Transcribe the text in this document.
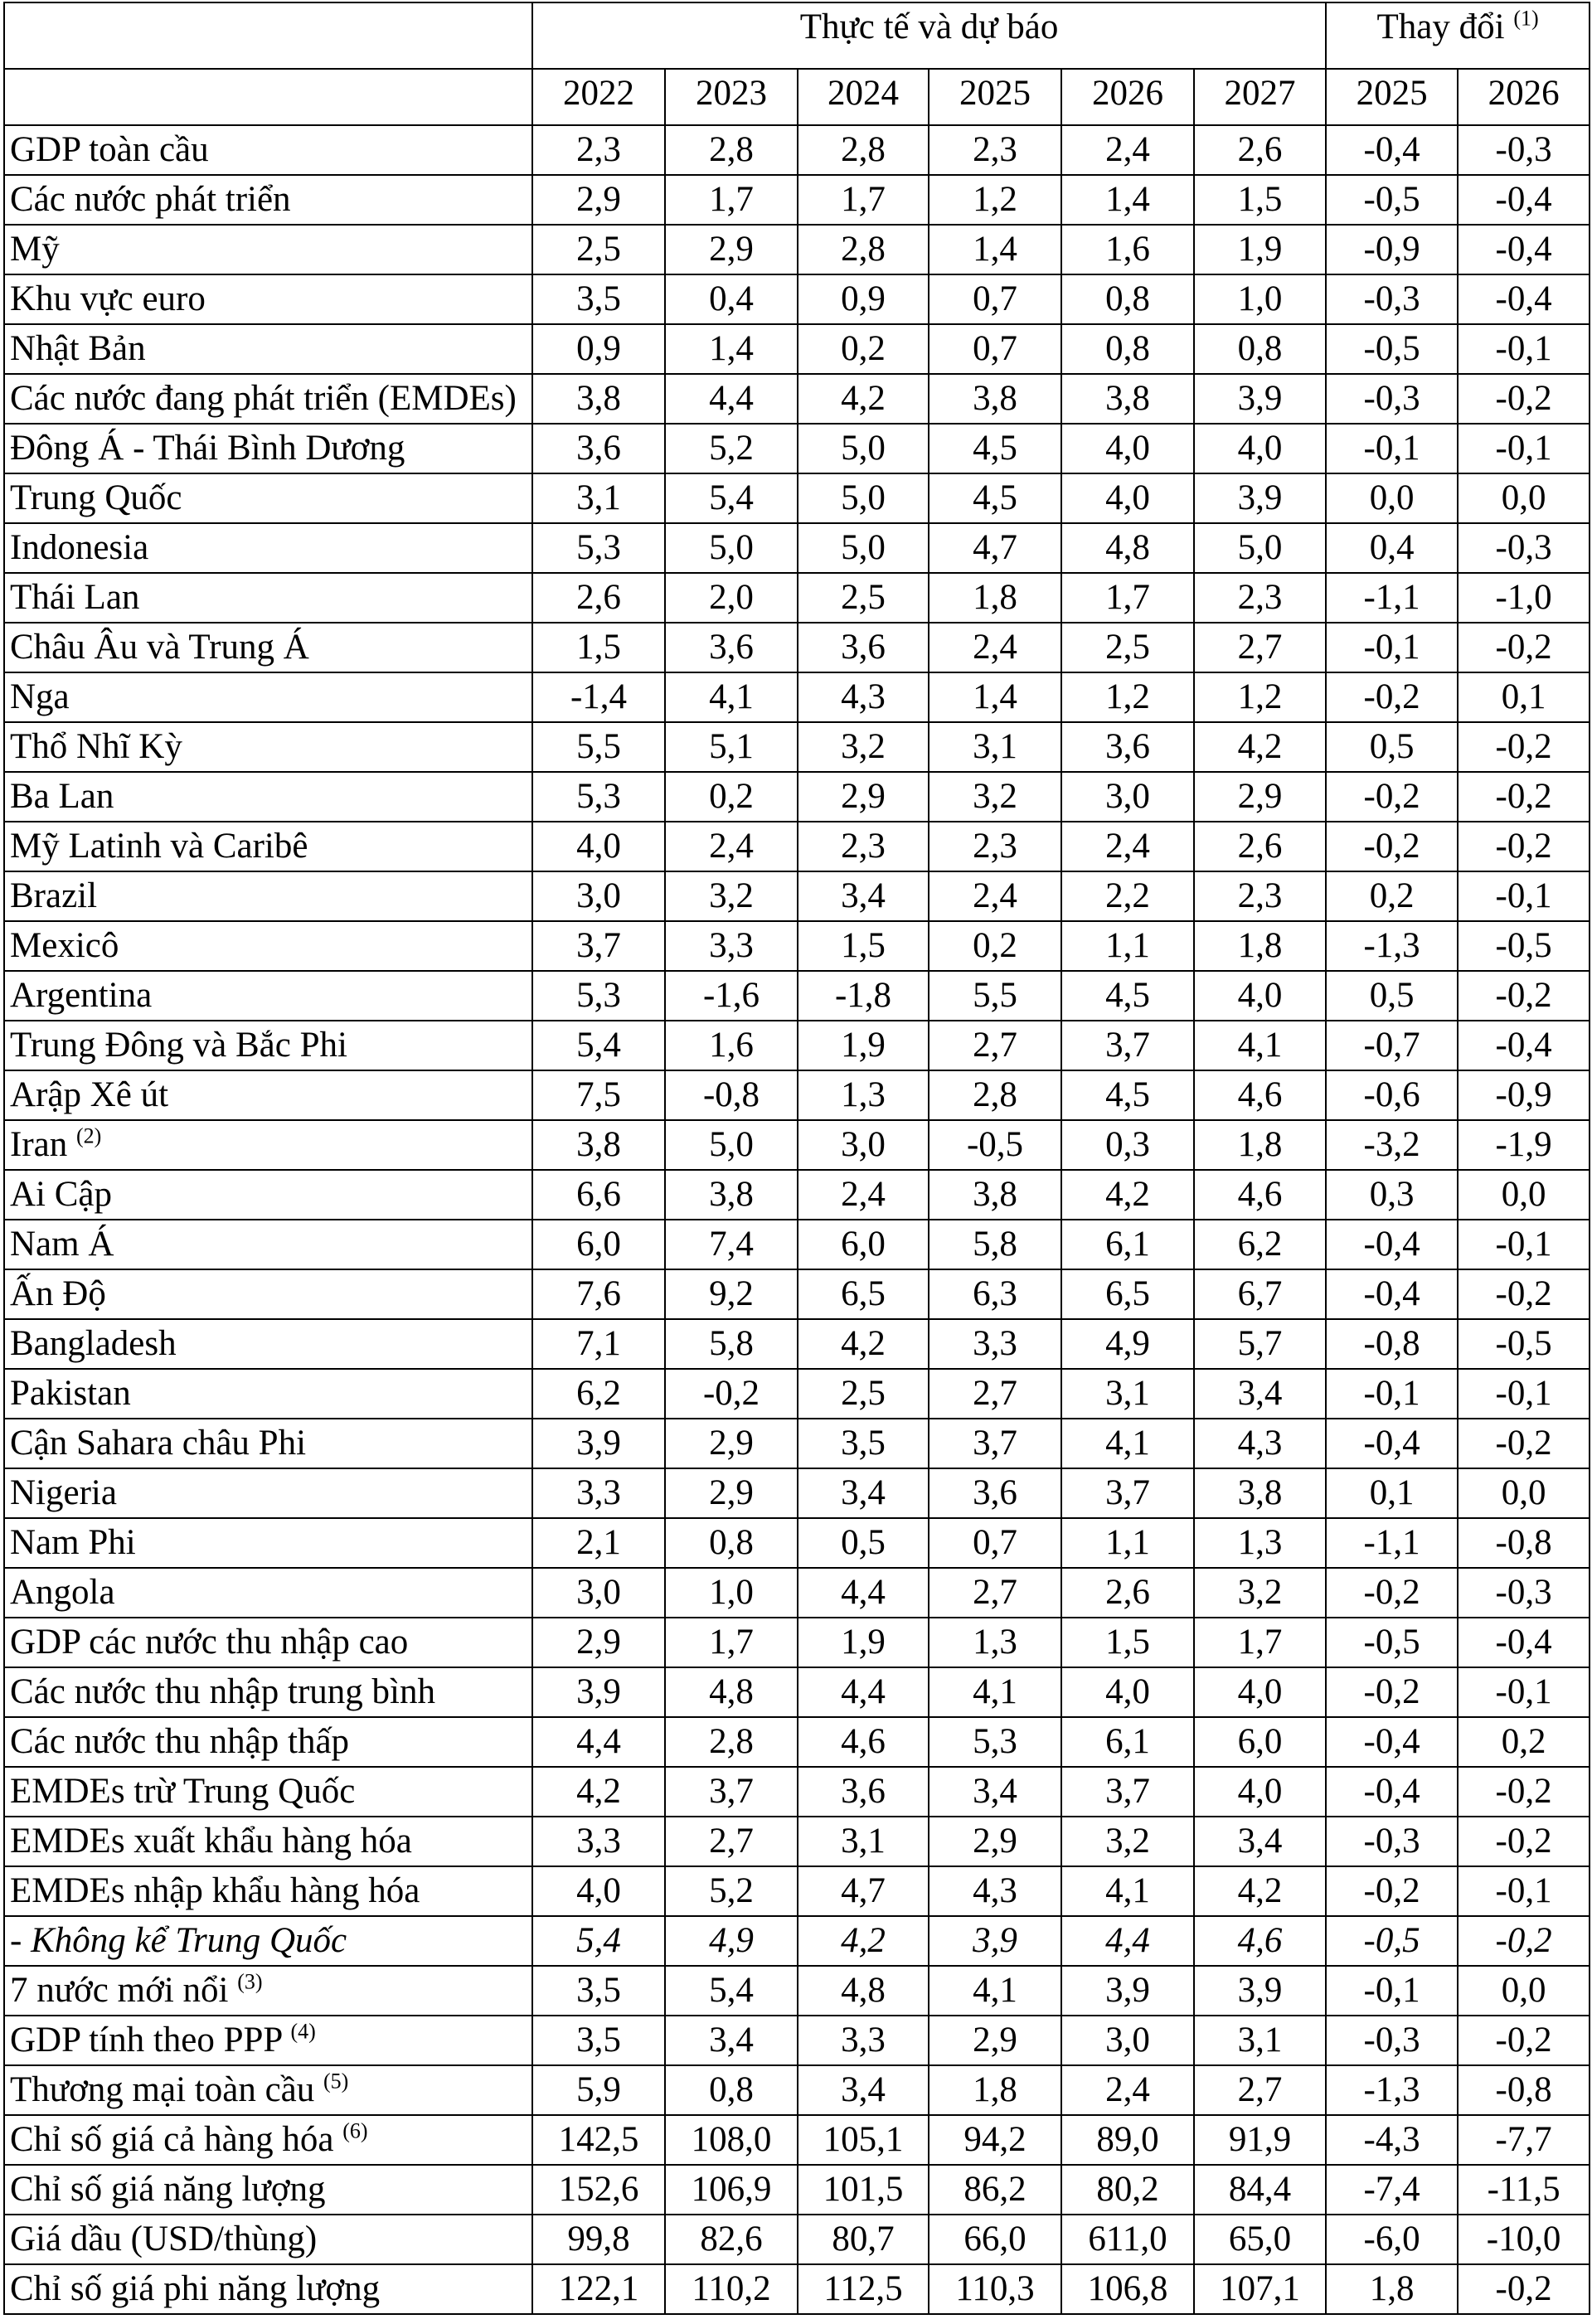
	Thực tế và dự báo						Thay đổi $^{(1)}$
	2022	2023	2024	2025	2026	2027	2025	2026
GDP toàn cầu	2,3	2,8	2,8	2,3	2,4	2,6	-0,4	-0,3
Các nước phát triển	2,9	1,7	1,7	1,2	1,4	1,5	-0,5	-0,4
Mỹ	2,5	2,9	2,8	1,4	1,6	1,9	-0,9	-0,4
Khu vực euro	3,5	0,4	0,9	0,7	0,8	1,0	-0,3	-0,4
Nhật Bản	0,9	1,4	0,2	0,7	0,8	0,8	-0,5	-0,1
Các nước đang phát triển (EMDEs)	3,8	4,4	4,2	3,8	3,8	3,9	-0,3	-0,2
Đông Á - Thái Bình Dương	3,6	5,2	5,0	4,5	4,0	4,0	-0,1	-0,1
Trung Quốc	3,1	5,4	5,0	4,5	4,0	3,9	0,0	0,0
Indonesia	5,3	5,0	5,0	4,7	4,8	5,0	0,4	-0,3
Thái Lan	2,6	2,0	2,5	1,8	1,7	2,3	-1,1	-1,0
Châu Âu và Trung Á	1,5	3,6	3,6	2,4	2,5	2,7	-0,1	-0,2
Nga	-1,4	4,1	4,3	1,4	1,2	1,2	-0,2	0,1
Thổ Nhĩ Kỳ	5,5	5,1	3,2	3,1	3,6	4,2	0,5	-0,2
Ba Lan	5,3	0,2	2,9	3,2	3,0	2,9	-0,2	-0,2
Mỹ Latinh và Caribê	4,0	2,4	2,3	2,3	2,4	2,6	-0,2	-0,2
Brazil	3,0	3,2	3,4	2,4	2,2	2,3	0,2	-0,1
Mexicô	3,7	3,3	1,5	0,2	1,1	1,8	-1,3	-0,5
Argentina	5,3	-1,6	-1,8	5,5	4,5	4,0	0,5	-0,2
Trung Đông và Bắc Phi	5,4	1,6	1,9	2,7	3,7	4,1	-0,7	-0,4
Arập Xê út	7,5	-0,8	1,3	2,8	4,5	4,6	-0,6	-0,9
Iran $^{(2)}$	3,8	5,0	3,0	-0,5	0,3	1,8	-3,2	-1,9
Ai Cập	6,6	3,8	2,4	3,8	4,2	4,6	0,3	0,0
Nam Á	6,0	7,4	6,0	5,8	6,1	6,2	-0,4	-0,1
Ấn Độ	7,6	9,2	6,5	6,3	6,5	6,7	-0,4	-0,2
Bangladesh	7,1	5,8	4,2	3,3	4,9	5,7	-0,8	-0,5
Pakistan	6,2	-0,2	2,5	2,7	3,1	3,4	-0,1	-0,1
Cận Sahara châu Phi	3,9	2,9	3,5	3,7	4,1	4,3	-0,4	-0,2
Nigeria	3,3	2,9	3,4	3,6	3,7	3,8	0,1	0,0
Nam Phi	2,1	0,8	0,5	0,7	1,1	1,3	-1,1	-0,8
Angola	3,0	1,0	4,4	2,7	2,6	3,2	-0,2	-0,3
GDP các nước thu nhập cao	2,9	1,7	1,9	1,3	1,5	1,7	-0,5	-0,4
Các nước thu nhập trung bình	3,9	4,8	4,4	4,1	4,0	4,0	-0,2	-0,1
Các nước thu nhập thấp	4,4	2,8	4,6	5,3	6,1	6,0	-0,4	0,2
EMDEs trừ Trung Quốc	4,2	3,7	3,6	3,4	3,7	4,0	-0,4	-0,2
EMDEs xuất khẩu hàng hóa	3,3	2,7	3,1	2,9	3,2	3,4	-0,3	-0,2
EMDEs nhập khẩu hàng hóa	4,0	5,2	4,7	4,3	4,1	4,2	-0,2	-0,1
- Không kể Trung Quốc	5,4	4,9	4,2	3,9	4,4	4,6	-0,5	-0,2
7 nước mới nổi $^{(3)}$	3,5	5,4	4,8	4,1	3,9	3,9	-0,1	0,0
GDP tính theo PPP $^{(4)}$	3,5	3,4	3,3	2,9	3,0	3,1	-0,3	-0,2
Thương mại toàn cầu $^{(5)}$	5,9	0,8	3,4	1,8	2,4	2,7	-1,3	-0,8
Chỉ số giá cả hàng hóa $^{(6)}$	142,5	108,0	105,1	94,2	89,0	91,9	-4,3	-7,7
Chỉ số giá năng lượng	152,6	106,9	101,5	86,2	80,2	84,4	-7,4	-11,5
Giá dầu (USD/thùng)	99,8	82,6	80,7	66,0	611,0	65,0	-6,0	-10,0
Chỉ số giá phi năng lượng	122,1	110,2	112,5	110,3	106,8	107,1	1,8	-0,2
